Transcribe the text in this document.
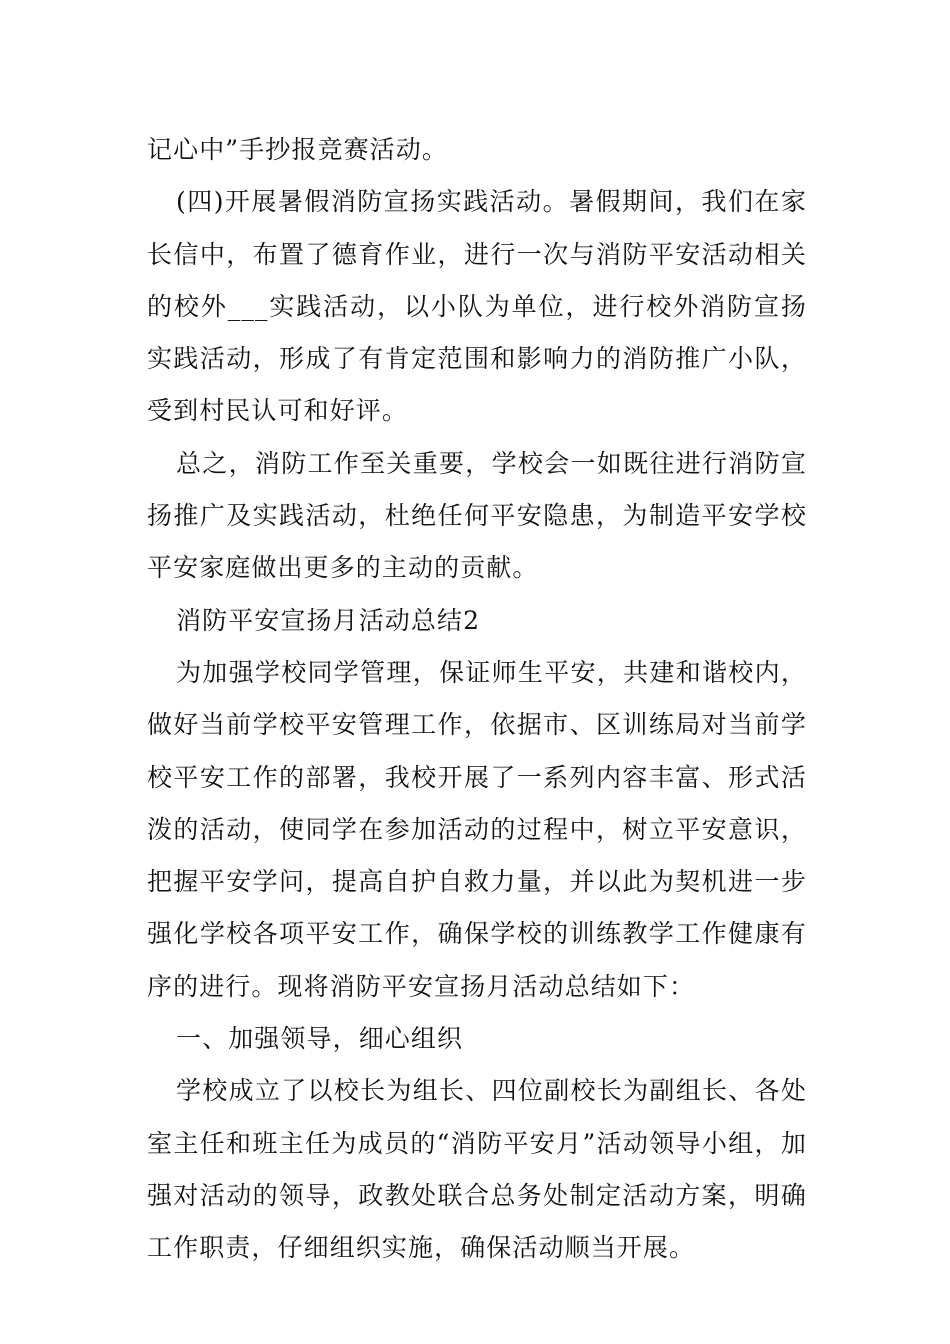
记心中”手抄报竞赛活动。

(四)开展暑假消防宣扬实践活动。暑假期间，我们在家长信中，布置了德育作业，进行一次与消防平安活动相关的校外___实践活动，以小队为单位，进行校外消防宣扬实践活动，形成了有肯定范围和影响力的消防推广小队，受到村民认可和好评。

总之，消防工作至关重要，学校会一如既往进行消防宣扬推广及实践活动，杜绝任何平安隐患，为制造平安学校平安家庭做出更多的主动的贡献。

消防平安宣扬月活动总结2

为加强学校同学管理，保证师生平安，共建和谐校内，做好当前学校平安管理工作，依据市、区训练局对当前学校平安工作的部署，我校开展了一系列内容丰富、形式活泼的活动，使同学在参加活动的过程中，树立平安意识，把握平安学问，提高自护自救力量，并以此为契机进一步强化学校各项平安工作，确保学校的训练教学工作健康有序的进行。现将消防平安宣扬月活动总结如下：

一、加强领导，细心组织

学校成立了以校长为组长、四位副校长为副组长、各处室主任和班主任为成员的“消防平安月”活动领导小组，加强对活动的领导，政教处联合总务处制定活动方案，明确工作职责，仔细组织实施，确保活动顺当开展。
